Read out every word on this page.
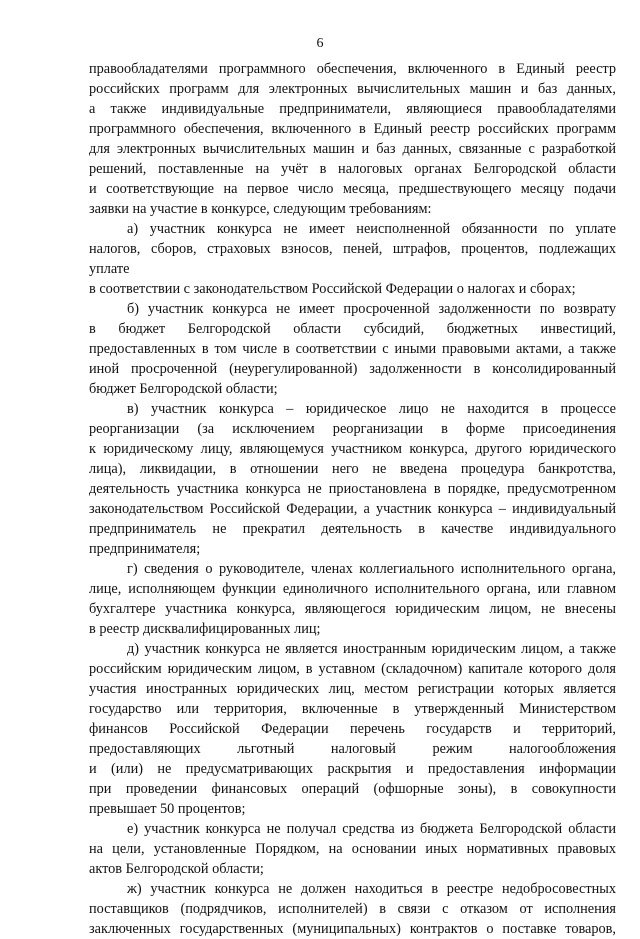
6
правообладателями программного обеспечения, включенного в Единый реестр
российских программ для электронных вычислительных машин и баз данных,
а также индивидуальные предприниматели, являющиеся правообладателями
программного обеспечения, включенного в Единый реестр российских программ
для электронных вычислительных машин и баз данных, связанные с разработкой
решений, поставленные на учёт в налоговых органах Белгородской области
и соответствующие на первое число месяца, предшествующего месяцу подачи
заявки на участие в конкурсе, следующим требованиям:
а) участник конкурса не имеет неисполненной обязанности по уплате
налогов, сборов, страховых взносов, пеней, штрафов, процентов, подлежащих
уплате
в соответствии с законодательством Российской Федерации о налогах и сборах;
б) участник конкурса не имеет просроченной задолженности по возврату
в бюджет Белгородской области субсидий, бюджетных инвестиций,
предоставленных в том числе в соответствии с иными правовыми актами, а также
иной просроченной (неурегулированной) задолженности в консолидированный
бюджет Белгородской области;
в) участник конкурса – юридическое лицо не находится в процессе
реорганизации (за исключением реорганизации в форме присоединения
к юридическому лицу, являющемуся участником конкурса, другого юридического
лица), ликвидации, в отношении него не введена процедура банкротства,
деятельность участника конкурса не приостановлена в порядке, предусмотренном
законодательством Российской Федерации, а участник конкурса – индивидуальный
предприниматель не прекратил деятельность в качестве индивидуального
предпринимателя;
г) сведения о руководителе, членах коллегиального исполнительного органа,
лице, исполняющем функции единоличного исполнительного органа, или главном
бухгалтере участника конкурса, являющегося юридическим лицом, не внесены
в реестр дисквалифицированных лиц;
д) участник конкурса не является иностранным юридическим лицом, а также
российским юридическим лицом, в уставном (складочном) капитале которого доля
участия иностранных юридических лиц, местом регистрации которых является
государство или территория, включенные в утвержденный Министерством
финансов Российской Федерации перечень государств и территорий,
предоставляющих льготный налоговый режим налогообложения
и (или) не предусматривающих раскрытия и предоставления информации
при проведении финансовых операций (офшорные зоны), в совокупности
превышает 50 процентов;
е) участник конкурса не получал средства из бюджета Белгородской области
на цели, установленные Порядком, на основании иных нормативных правовых
актов Белгородской области;
ж) участник конкурса не должен находиться в реестре недобросовестных
поставщиков (подрядчиков, исполнителей) в связи с отказом от исполнения
заключенных государственных (муниципальных) контрактов о поставке товаров,
